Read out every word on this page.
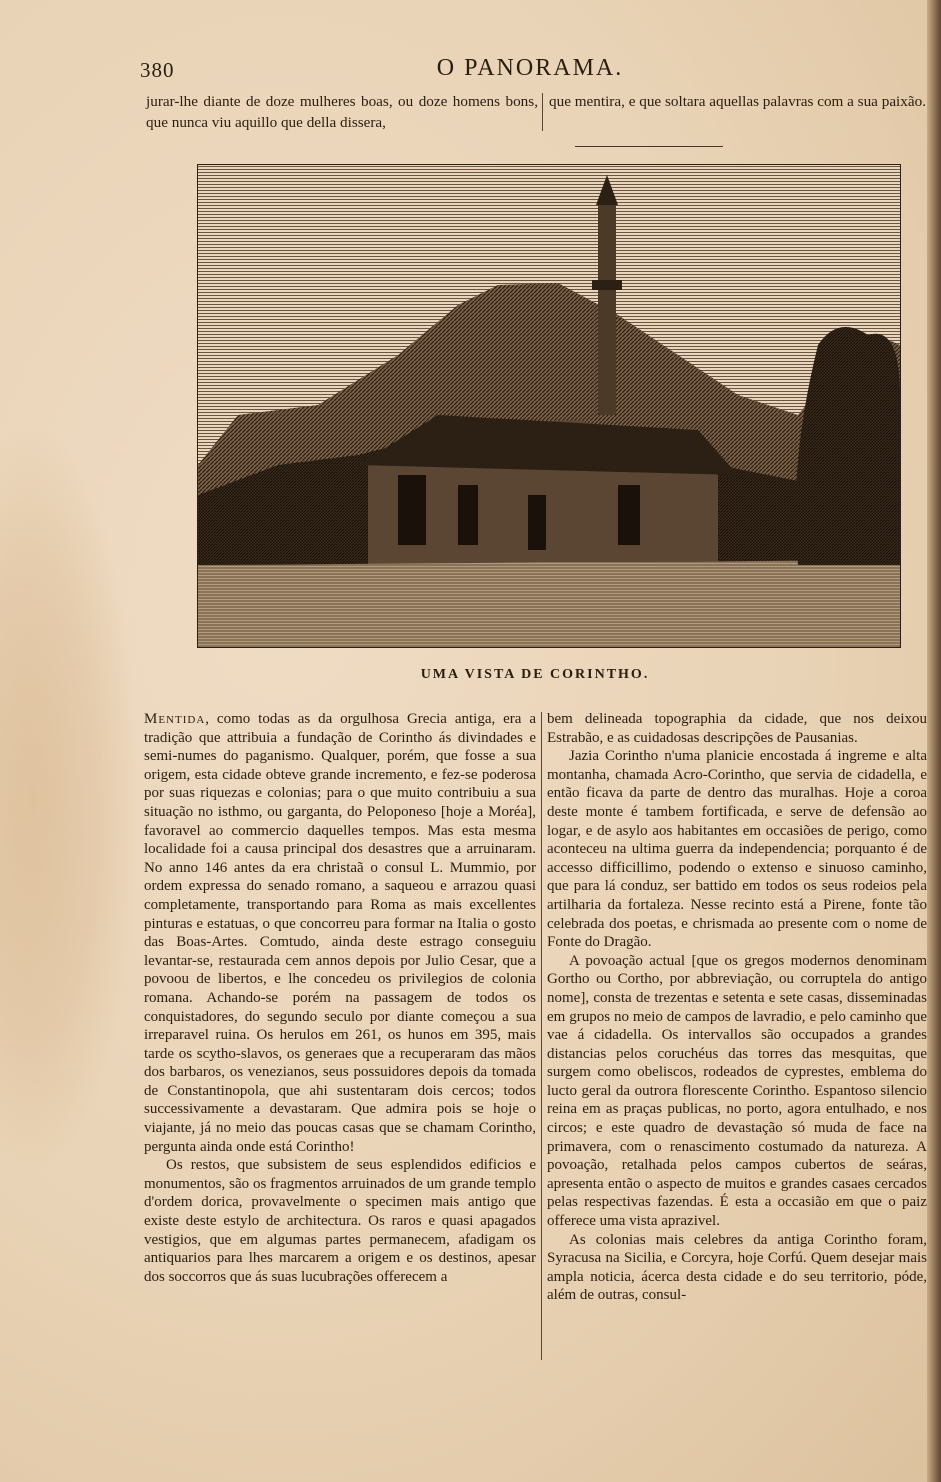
380	O PANORAMA.
jurar-lhe diante de doze mulheres boas, ou doze homens bons, que nunca viu aquillo que della dissera,
que mentira, e que soltara aquellas palavras com a sua paixão.
UMA VISTA DE CORINTHO.

Mentida, como todas as da orgulhosa Grecia antiga, era a tradição que attribuia a fundação de Corintho ás divindades e semi-numes do paganismo. Qualquer, porém, que fosse a sua origem, esta cidade obteve grande incremento, e fez-se poderosa por suas riquezas e colonias; para o que muito contribuiu a sua situação no isthmo, ou garganta, do Peloponeso [hoje a Moréa], favoravel ao commercio daquelles tempos. Mas esta mesma localidade foi a causa principal dos desastres que a arruinaram. No anno 146 antes da era christaã o consul L. Mummio, por ordem expressa do senado romano, a saqueou e arrazou quasi completamente, transportando para Roma as mais excellentes pinturas e estatuas, o que concorreu para formar na Italia o gosto das Boas-Artes. Comtudo, ainda deste estrago conseguiu levantar-se, restaurada cem annos depois por Julio Cesar, que a povoou de libertos, e lhe concedeu os privilegios de colonia romana. Achando-se porém na passagem de todos os conquistadores, do segundo seculo por diante começou a sua irreparavel ruina. Os herulos em 261, os hunos em 395, mais tarde os scytho-slavos, os generaes que a recuperaram das mãos dos barbaros, os venezianos, seus possuidores depois da tomada de Constantinopola, que ahi sustentaram dois cercos; todos successivamente a devastaram. Que admira pois se hoje o viajante, já no meio das poucas casas que se chamam Corintho, pergunta ainda onde está Corintho!

Os restos, que subsistem de seus esplendidos edificios e monumentos, são os fragmentos arruinados de um grande templo d'ordem dorica, provavelmente o specimen mais antigo que existe deste estylo de architectura. Os raros e quasi apagados vestigios, que em algumas partes permanecem, afadigam os antiquarios para lhes marcarem a origem e os destinos, apesar dos soccorros que ás suas lucubrações offerecem a

bem delineada topographia da cidade, que nos deixou Estrabão, e as cuidadosas descripções de Pausanias.

Jazia Corintho n'uma planicie encostada á ingreme e alta montanha, chamada Acro-Corintho, que servia de cidadella, e então ficava da parte de dentro das muralhas. Hoje a coroa deste monte é tambem fortificada, e serve de defensão ao logar, e de asylo aos habitantes em occasiões de perigo, como aconteceu na ultima guerra da independencia; porquanto é de accesso difficillimo, podendo o extenso e sinuoso caminho, que para lá conduz, ser battido em todos os seus rodeios pela artilharia da fortaleza. Nesse recinto está a Pirene, fonte tão celebrada dos poetas, e chrismada ao presente com o nome de Fonte do Dragão.

A povoação actual [que os gregos modernos denominam Gortho ou Cortho, por abbreviação, ou corruptela do antigo nome], consta de trezentas e setenta e sete casas, disseminadas em grupos no meio de campos de lavradio, e pelo caminho que vae á cidadella. Os intervallos são occupados a grandes distancias pelos coruchéus das torres das mesquitas, que surgem como obeliscos, rodeados de cyprestes, emblema do lucto geral da outrora florescente Corintho. Espantoso silencio reina em as praças publicas, no porto, agora entulhado, e nos circos; e este quadro de devastação só muda de face na primavera, com o renascimento costumado da natureza. A povoação, retalhada pelos campos cubertos de seáras, apresenta então o aspecto de muitos e grandes casaes cercados pelas respectivas fazendas. É esta a occasião em que o paiz offerece uma vista aprazivel.

As colonias mais celebres da antiga Corintho foram, Syracusa na Sicilia, e Corcyra, hoje Corfú. Quem desejar mais ampla noticia, ácerca desta cidade e do seu territorio, póde, além de outras, consul-
